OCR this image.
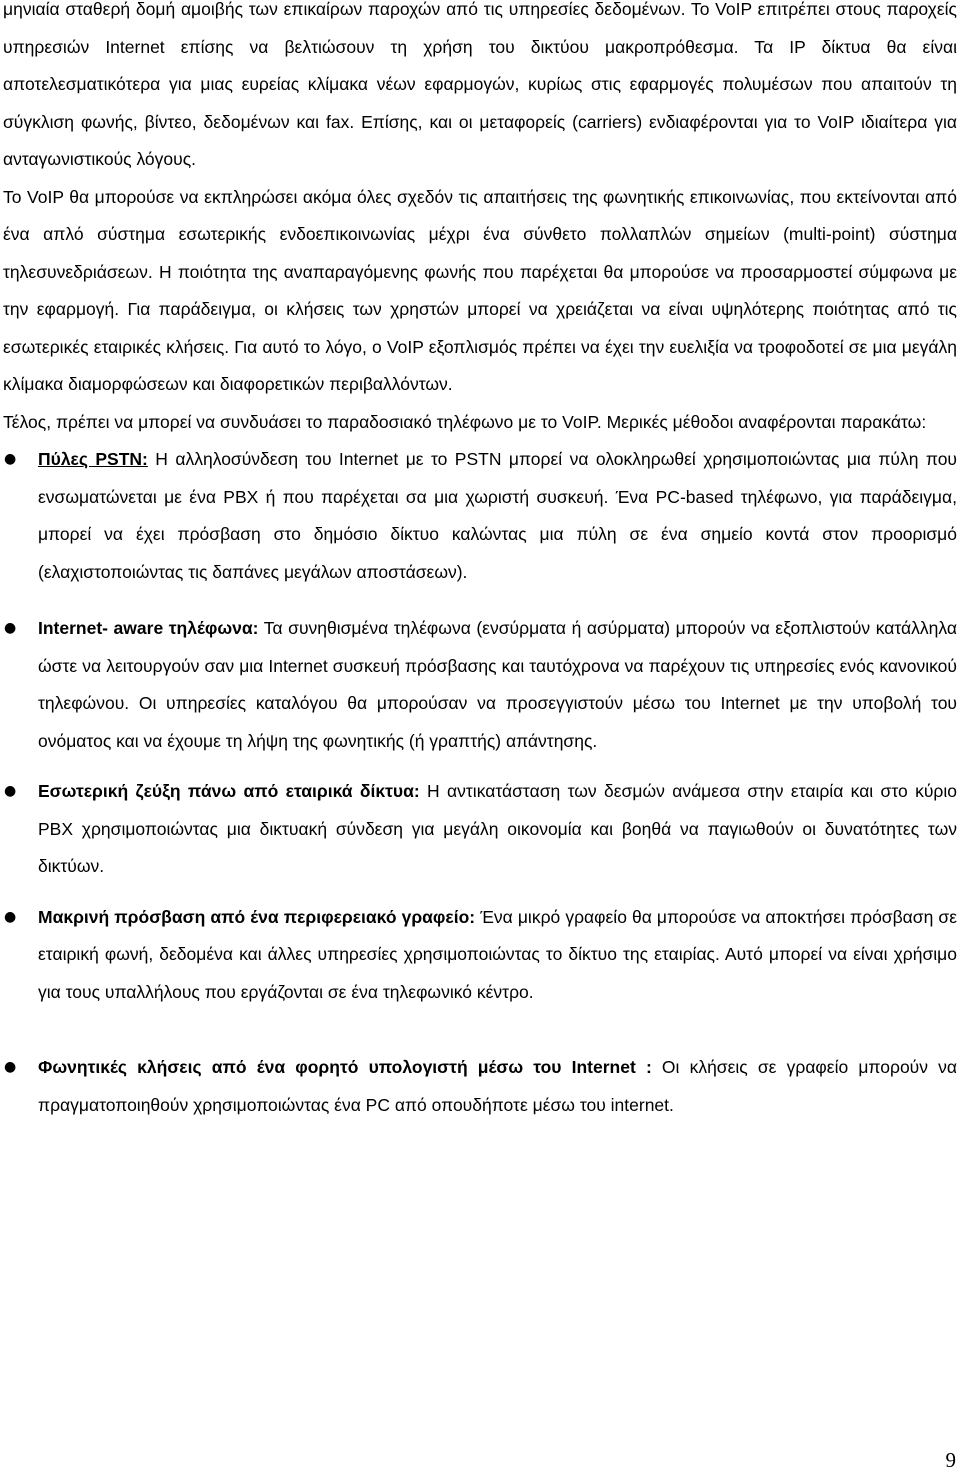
μηνιαία σταθερή δομή αμοιβής των επικαίρων παροχών από τις υπηρεσίες δεδομένων. Το VoIP επιτρέπει στους παροχείς υπηρεσιών Internet επίσης να βελτιώσουν τη χρήση του δικτύου μακροπρόθεσμα. Τα IP δίκτυα θα είναι αποτελεσματικότερα για μιας ευρείας κλίμακα νέων εφαρμογών, κυρίως στις εφαρμογές πολυμέσων που απαιτούν τη σύγκλιση φωνής, βίντεο, δεδομένων και fax. Επίσης, και οι μεταφορείς (carriers) ενδιαφέρονται για το VoIP ιδιαίτερα για ανταγωνιστικούς λόγους.

Το VoIP θα μπορούσε να εκπληρώσει ακόμα όλες σχεδόν τις απαιτήσεις της φωνητικής επικοινωνίας, που εκτείνονται από ένα απλό σύστημα εσωτερικής ενδοεπικοινωνίας μέχρι ένα σύνθετο πολλαπλών σημείων (multi-point) σύστημα τηλεσυνεδριάσεων. Η ποιότητα της αναπαραγόμενης φωνής που παρέχεται θα μπορούσε να προσαρμοστεί σύμφωνα με την εφαρμογή. Για παράδειγμα, οι κλήσεις των χρηστών μπορεί να χρειάζεται να είναι υψηλότερης ποιότητας από τις εσωτερικές εταιρικές κλήσεις. Για αυτό το λόγο, ο VoIP εξοπλισμός πρέπει να έχει την ευελιξία να τροφοδοτεί σε μια μεγάλη κλίμακα διαμορφώσεων και διαφορετικών περιβαλλόντων.

Τέλος, πρέπει να μπορεί να συνδυάσει το παραδοσιακό τηλέφωνο με το VoIP. Μερικές μέθοδοι αναφέρονται παρακάτω:

●	Πύλες PSTN: Η αλληλοσύνδεση του Internet με το PSTN μπορεί να ολοκληρωθεί χρησιμοποιώντας μια πύλη που ενσωματώνεται με ένα PBX ή που παρέχεται σα μια χωριστή συσκευή. Ένα PC-based τηλέφωνο, για παράδειγμα, μπορεί να έχει πρόσβαση στο δημόσιο δίκτυο καλώντας μια πύλη σε ένα σημείο κοντά στον προορισμό (ελαχιστοποιώντας τις δαπάνες μεγάλων αποστάσεων).
●	Internet- aware τηλέφωνα: Τα συνηθισμένα τηλέφωνα (ενσύρματα ή ασύρματα) μπορούν να εξοπλιστούν κατάλληλα ώστε να λειτουργούν σαν μια Internet συσκευή πρόσβασης και ταυτόχρονα να παρέχουν τις υπηρεσίες ενός κανονικού τηλεφώνου. Οι υπηρεσίες καταλόγου θα μπορούσαν να προσεγγιστούν μέσω του Internet με την υποβολή του ονόματος και να έχουμε τη λήψη της φωνητικής (ή γραπτής) απάντησης.
●	Εσωτερική ζεύξη πάνω από εταιρικά δίκτυα: Η αντικατάσταση των δεσμών ανάμεσα στην εταιρία και στο κύριο PBX χρησιμοποιώντας μια δικτυακή σύνδεση για μεγάλη οικονομία και βοηθά να παγιωθούν οι δυνατότητες των δικτύων.
●	Μακρινή πρόσβαση από ένα περιφερειακό γραφείο: Ένα μικρό γραφείο θα μπορούσε να αποκτήσει πρόσβαση σε εταιρική φωνή, δεδομένα και άλλες υπηρεσίες χρησιμοποιώντας το δίκτυο της εταιρίας. Αυτό μπορεί να είναι χρήσιμο για τους υπαλλήλους που εργάζονται σε ένα τηλεφωνικό κέντρο.
●	Φωνητικές κλήσεις από ένα φορητό υπολογιστή μέσω του Internet : Οι κλήσεις σε γραφείο μπορούν να πραγματοποιηθούν χρησιμοποιώντας ένα PC από οπουδήποτε μέσω του internet.
9
